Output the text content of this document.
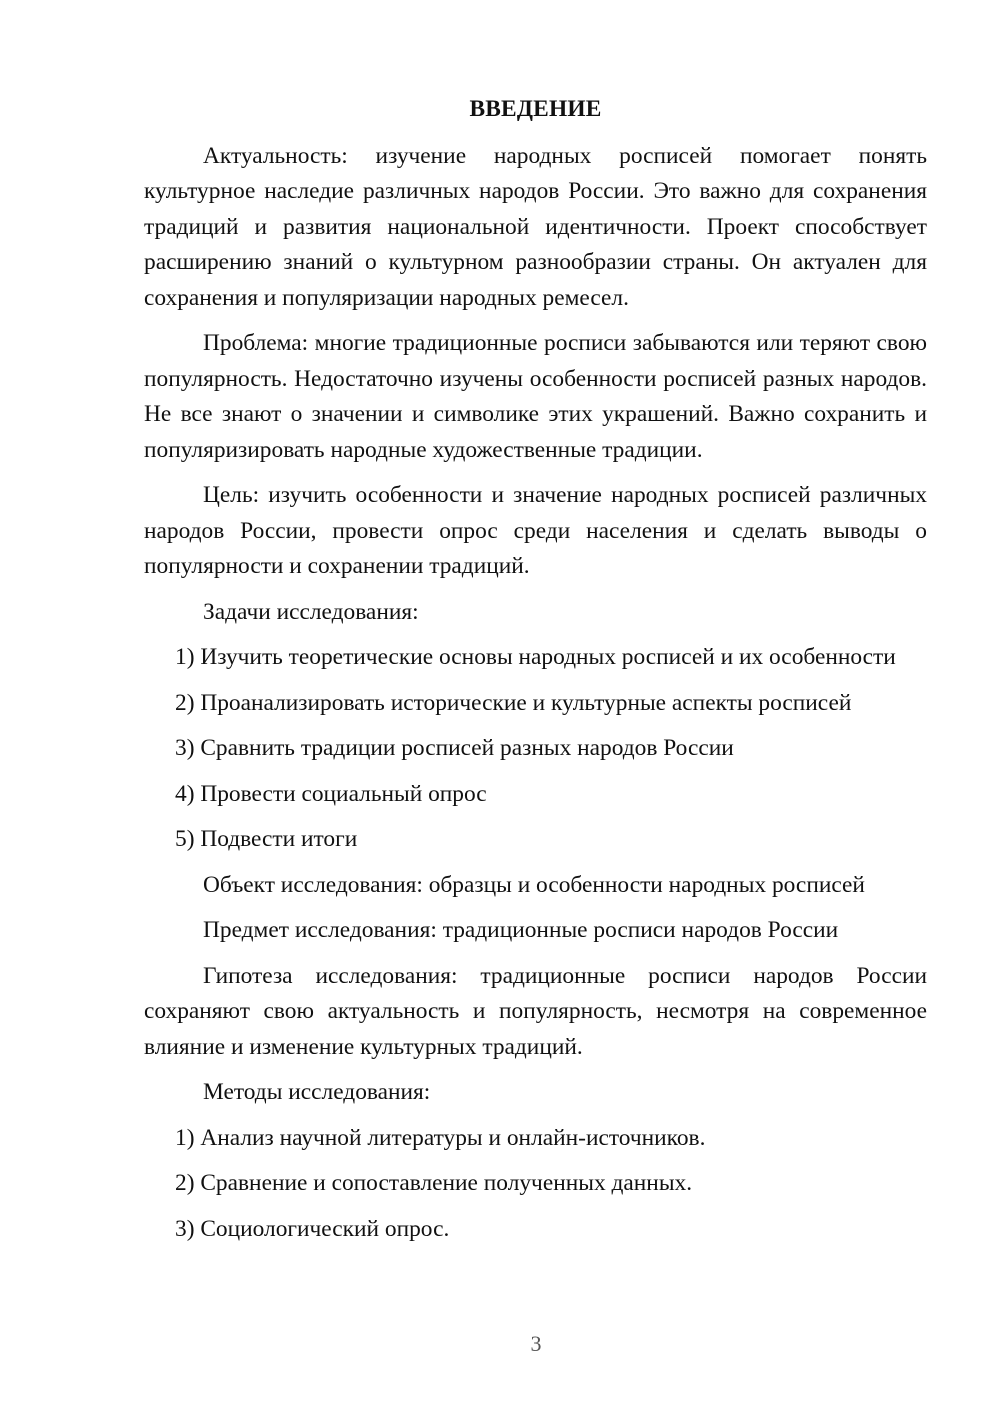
ВВЕДЕНИЕ

Актуальность: изучение народных росписей помогает понять культурное наследие различных народов России. Это важно для сохранения традиций и развития национальной идентичности. Проект способствует расширению знаний о культурном разнообразии страны. Он актуален для сохранения и популяризации народных ремесел.

Проблема: многие традиционные росписи забываются или теряют свою популярность. Недостаточно изучены особенности росписей разных народов. Не все знают о значении и символике этих украшений. Важно сохранить и популяризировать народные художественные традиции.

Цель: изучить особенности и значение народных росписей различных народов России, провести опрос среди населения и сделать выводы о популярности и сохранении традиций.

Задачи исследования:

1) Изучить теоретические основы народных росписей и их особенности

2) Проанализировать исторические и культурные аспекты росписей

3) Сравнить традиции росписей разных народов России

4) Провести социальный опрос

5) Подвести итоги

Объект исследования: образцы и особенности народных росписей

Предмет исследования: традиционные росписи народов России

Гипотеза исследования: традиционные росписи народов России сохраняют свою актуальность и популярность, несмотря на современное влияние и изменение культурных традиций.

Методы исследования:

1) Анализ научной литературы и онлайн-источников.

2) Сравнение и сопоставление полученных данных.

3) Социологический опрос.

3
